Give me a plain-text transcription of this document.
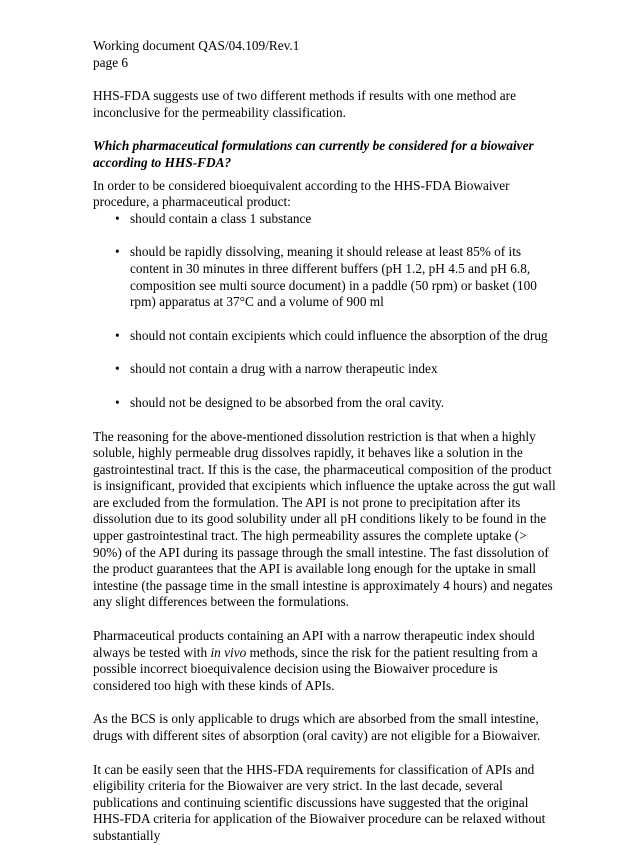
Working document QAS/04.109/Rev.1

page 6

HHS-FDA suggests use of two different methods if results with one method are inconclusive for the permeability classification.

Which pharmaceutical formulations can currently be considered for a biowaiver according to HHS-FDA?

In order to be considered bioequivalent according to the HHS-FDA Biowaiver procedure, a pharmaceutical product:

• should contain a class 1 substance
• should be rapidly dissolving, meaning it should release at least 85% of its content in 30 minutes in three different buffers (pH 1.2, pH 4.5 and pH 6.8, composition see multi source document) in a paddle (50 rpm) or basket (100 rpm) apparatus at 37°C and a volume of 900 ml
• should not contain excipients which could influence the absorption of the drug
• should not contain a drug with a narrow therapeutic index
• should not be designed to be absorbed from the oral cavity.

The reasoning for the above-mentioned dissolution restriction is that when a highly soluble, highly permeable drug dissolves rapidly, it behaves like a solution in the gastrointestinal tract. If this is the case, the pharmaceutical composition of the product is insignificant, provided that excipients which influence the uptake across the gut wall are excluded from the formulation. The API is not prone to precipitation after its dissolution due to its good solubility under all pH conditions likely to be found in the upper gastrointestinal tract. The high permeability assures the complete uptake (> 90%) of the API during its passage through the small intestine. The fast dissolution of the product guarantees that the API is available long enough for the uptake in small intestine (the passage time in the small intestine is approximately 4 hours) and negates any slight differences between the formulations.

Pharmaceutical products containing an API with a narrow therapeutic index should always be tested with in vivo methods, since the risk for the patient resulting from a possible incorrect bioequivalence decision using the Biowaiver procedure is considered too high with these kinds of APIs.

As the BCS is only applicable to drugs which are absorbed from the small intestine, drugs with different sites of absorption (oral cavity) are not eligible for a Biowaiver.

It can be easily seen that the HHS-FDA requirements for classification of APIs and eligibility criteria for the Biowaiver are very strict. In the last decade, several publications and continuing scientific discussions have suggested that the original HHS-FDA criteria for application of the Biowaiver procedure can be relaxed without substantially
